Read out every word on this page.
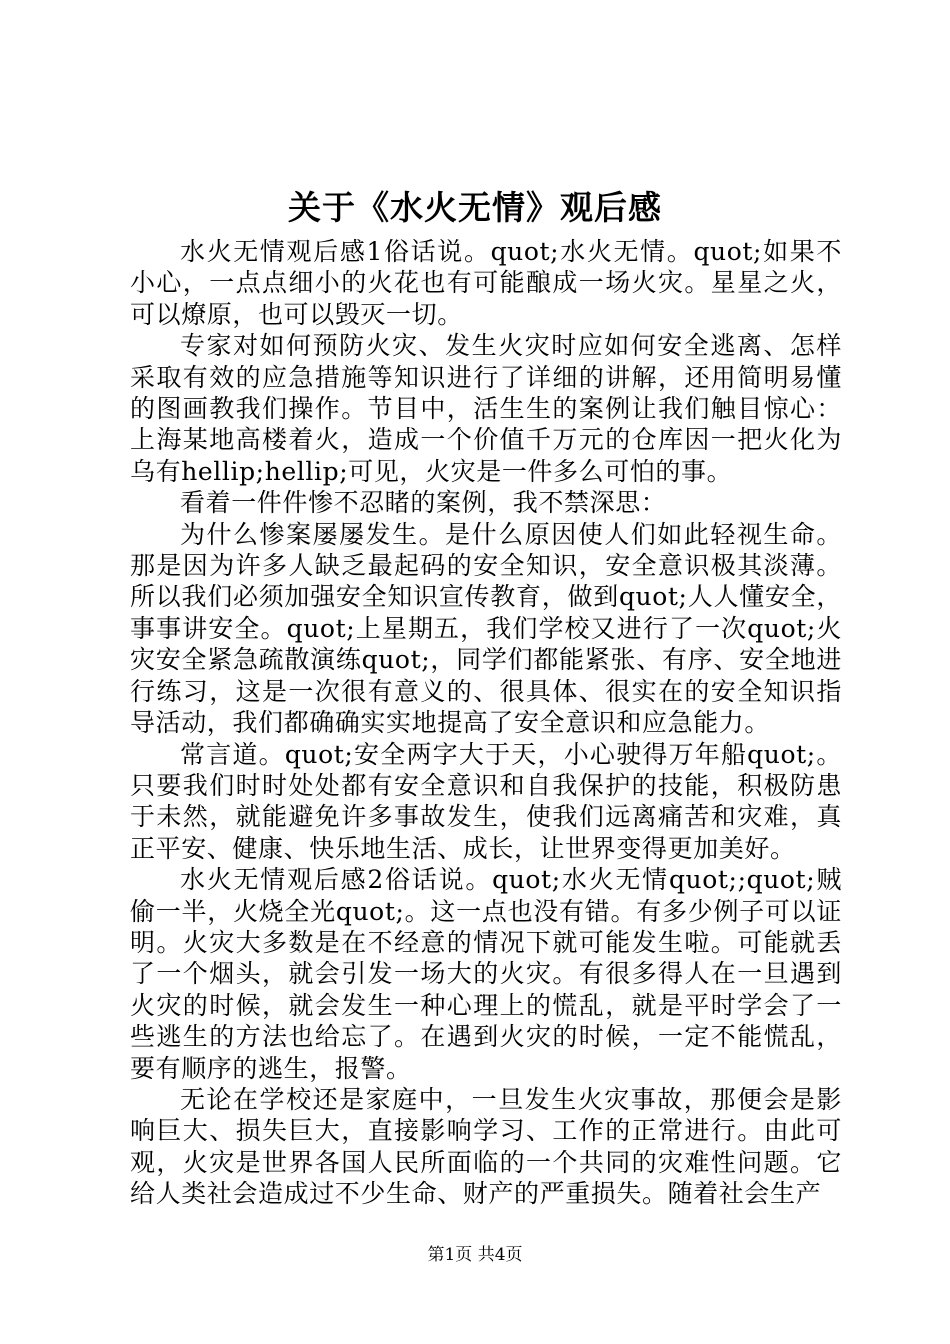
关于《水火无情》观后感

水火无情观后感1俗话说。quot;水火无情。quot;如果不小心，一点点细小的火花也有可能酿成一场火灾。星星之火，可以燎原，也可以毁灭一切。

专家对如何预防火灾、发生火灾时应如何安全逃离、怎样采取有效的应急措施等知识进行了详细的讲解，还用简明易懂的图画教我们操作。节目中，活生生的案例让我们触目惊心：上海某地高楼着火，造成一个价值千万元的仓库因一把火化为乌有hellip;hellip;可见，火灾是一件多么可怕的事。

看着一件件惨不忍睹的案例，我不禁深思：

为什么惨案屡屡发生。是什么原因使人们如此轻视生命。那是因为许多人缺乏最起码的安全知识，安全意识极其淡薄。所以我们必须加强安全知识宣传教育，做到quot;人人懂安全，事事讲安全。quot;上星期五，我们学校又进行了一次quot;火灾安全紧急疏散演练quot;，同学们都能紧张、有序、安全地进行练习，这是一次很有意义的、很具体、很实在的安全知识指导活动，我们都确确实实地提高了安全意识和应急能力。

常言道。quot;安全两字大于天，小心驶得万年船quot;。只要我们时时处处都有安全意识和自我保护的技能，积极防患于未然，就能避免许多事故发生，使我们远离痛苦和灾难，真正平安、健康、快乐地生活、成长，让世界变得更加美好。

水火无情观后感2俗话说。quot;水火无情quot;;quot;贼偷一半，火烧全光quot;。这一点也没有错。有多少例子可以证明。火灾大多数是在不经意的情况下就可能发生啦。可能就丢了一个烟头，就会引发一场大的火灾。有很多得人在一旦遇到火灾的时候，就会发生一种心理上的慌乱，就是平时学会了一些逃生的方法也给忘了。在遇到火灾的时候，一定不能慌乱，要有顺序的逃生，报警。

无论在学校还是家庭中，一旦发生火灾事故，那便会是影响巨大、损失巨大，直接影响学习、工作的正常进行。由此可观，火灾是世界各国人民所面临的一个共同的灾难性问题。它给人类社会造成过不少生命、财产的严重损失。随着社会生产

第1页 共4页
